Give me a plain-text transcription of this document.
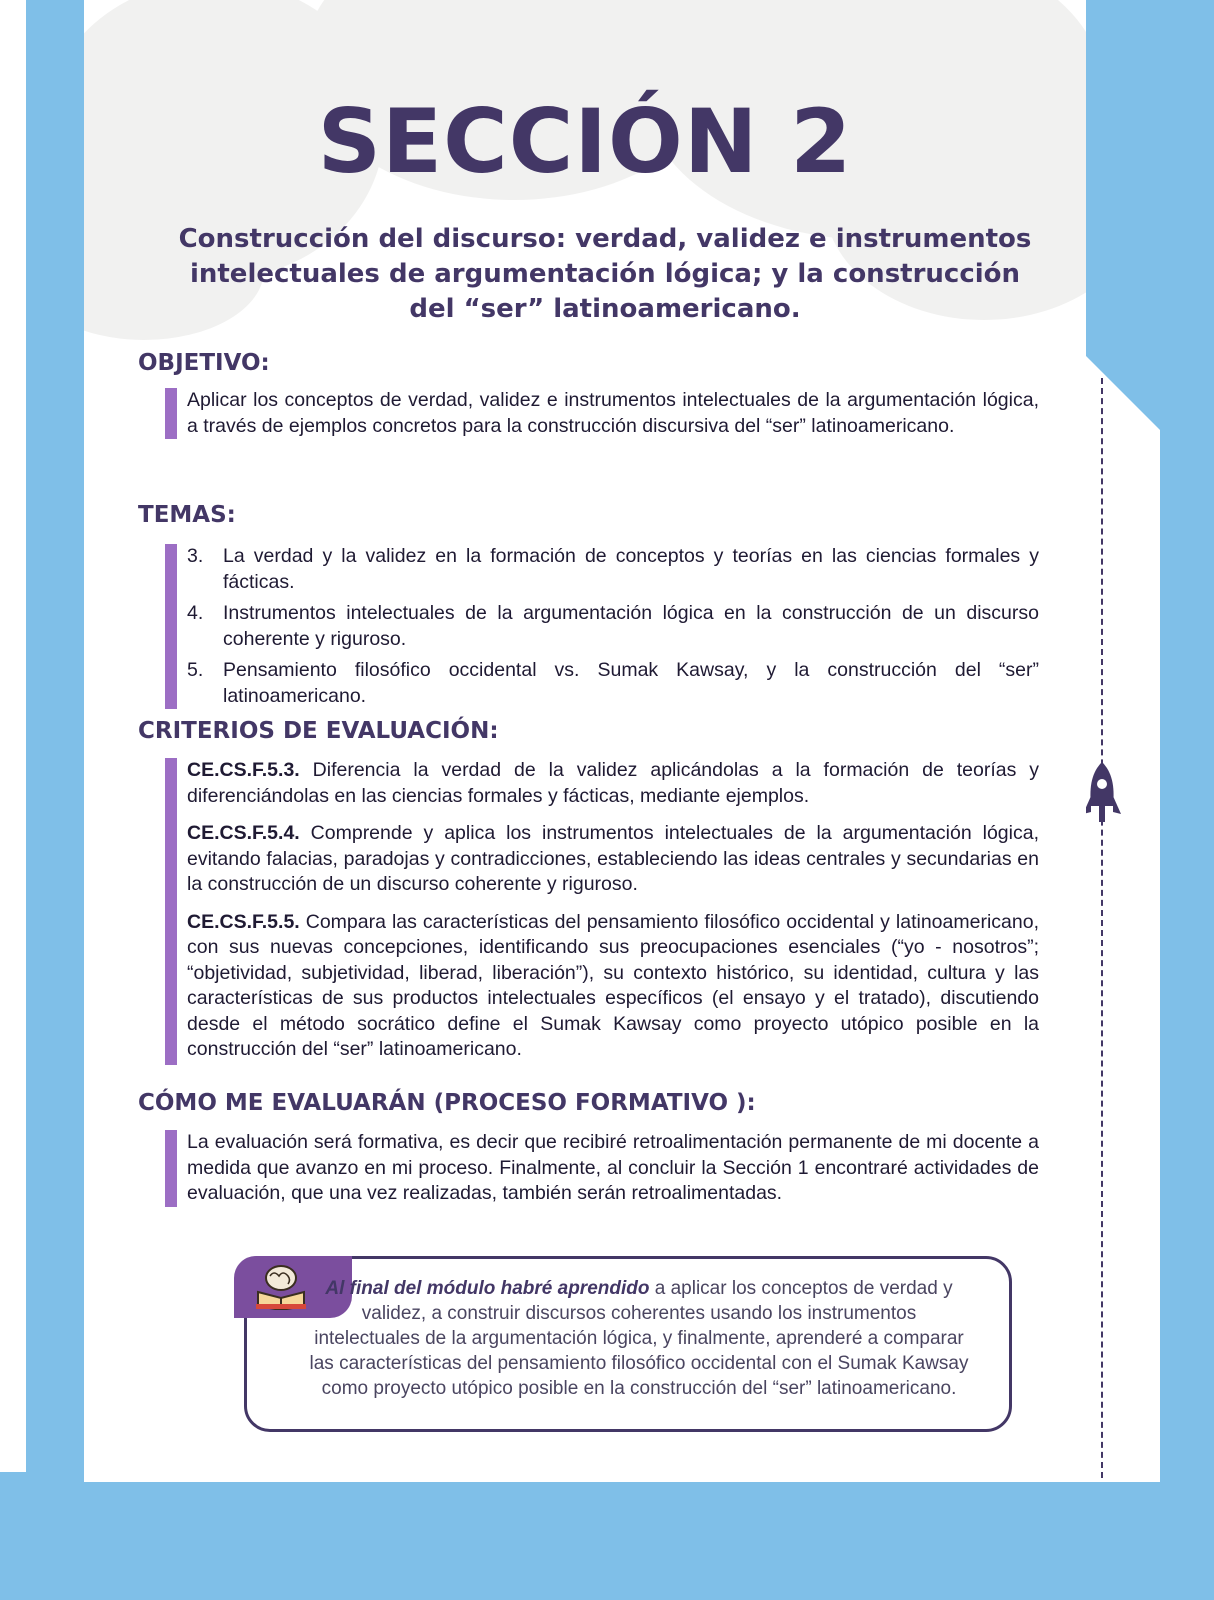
SECCIÓN 2

Construcción del discurso: verdad, validez e instrumentos intelectuales de argumentación lógica; y la construcción del “ser” latinoamericano.

OBJETIVO:

Aplicar los conceptos de verdad, validez e instrumentos intelectuales de la argumentación lógica, a través de ejemplos concretos para la construcción discursiva del “ser” latinoamericano.

TEMAS:
3. La verdad y la validez en la formación de conceptos y teorías en las ciencias formales y fácticas.
4. Instrumentos intelectuales de la argumentación lógica en la construcción de un discurso coherente y riguroso.
5. Pensamiento filosófico occidental vs. Sumak Kawsay, y la construcción del “ser” latinoamericano.
CRITERIOS DE EVALUACIÓN:

CE.CS.F.5.3. Diferencia la verdad de la validez aplicándolas a la formación de teorías y diferenciándolas en las ciencias formales y fácticas, mediante ejemplos.

CE.CS.F.5.4. Comprende y aplica los instrumentos intelectuales de la argumentación lógica, evitando falacias, paradojas y contradicciones, estableciendo las ideas centrales y secundarias en la construcción de un discurso coherente y riguroso.

CE.CS.F.5.5. Compara las características del pensamiento filosófico occidental y latinoamericano, con sus nuevas concepciones, identificando sus preocupaciones esenciales (“yo - nosotros”; “objetividad, subjetividad, liberad, liberación”), su contexto histórico, su identidad, cultura y las características de sus productos intelectuales específicos (el ensayo y el tratado), discutiendo desde el método socrático define el Sumak Kawsay como proyecto utópico posible en la construcción del “ser” latinoamericano.

CÓMO ME EVALUARÁN (PROCESO FORMATIVO ):

La evaluación será formativa, es decir que recibiré retroalimentación permanente de mi docente a medida que avanzo en mi proceso. Finalmente, al concluir la Sección 1 encontraré actividades de evaluación, que una vez realizadas, también serán retroalimentadas.

Al final del módulo habré aprendido a aplicar los conceptos de verdad y validez, a construir discursos coherentes usando los instrumentos intelectuales de la argumentación lógica, y finalmente, aprenderé a comparar las características del pensamiento filosófico occidental con el Sumak Kawsay como proyecto utópico posible en la construcción del “ser” latinoamericano.
